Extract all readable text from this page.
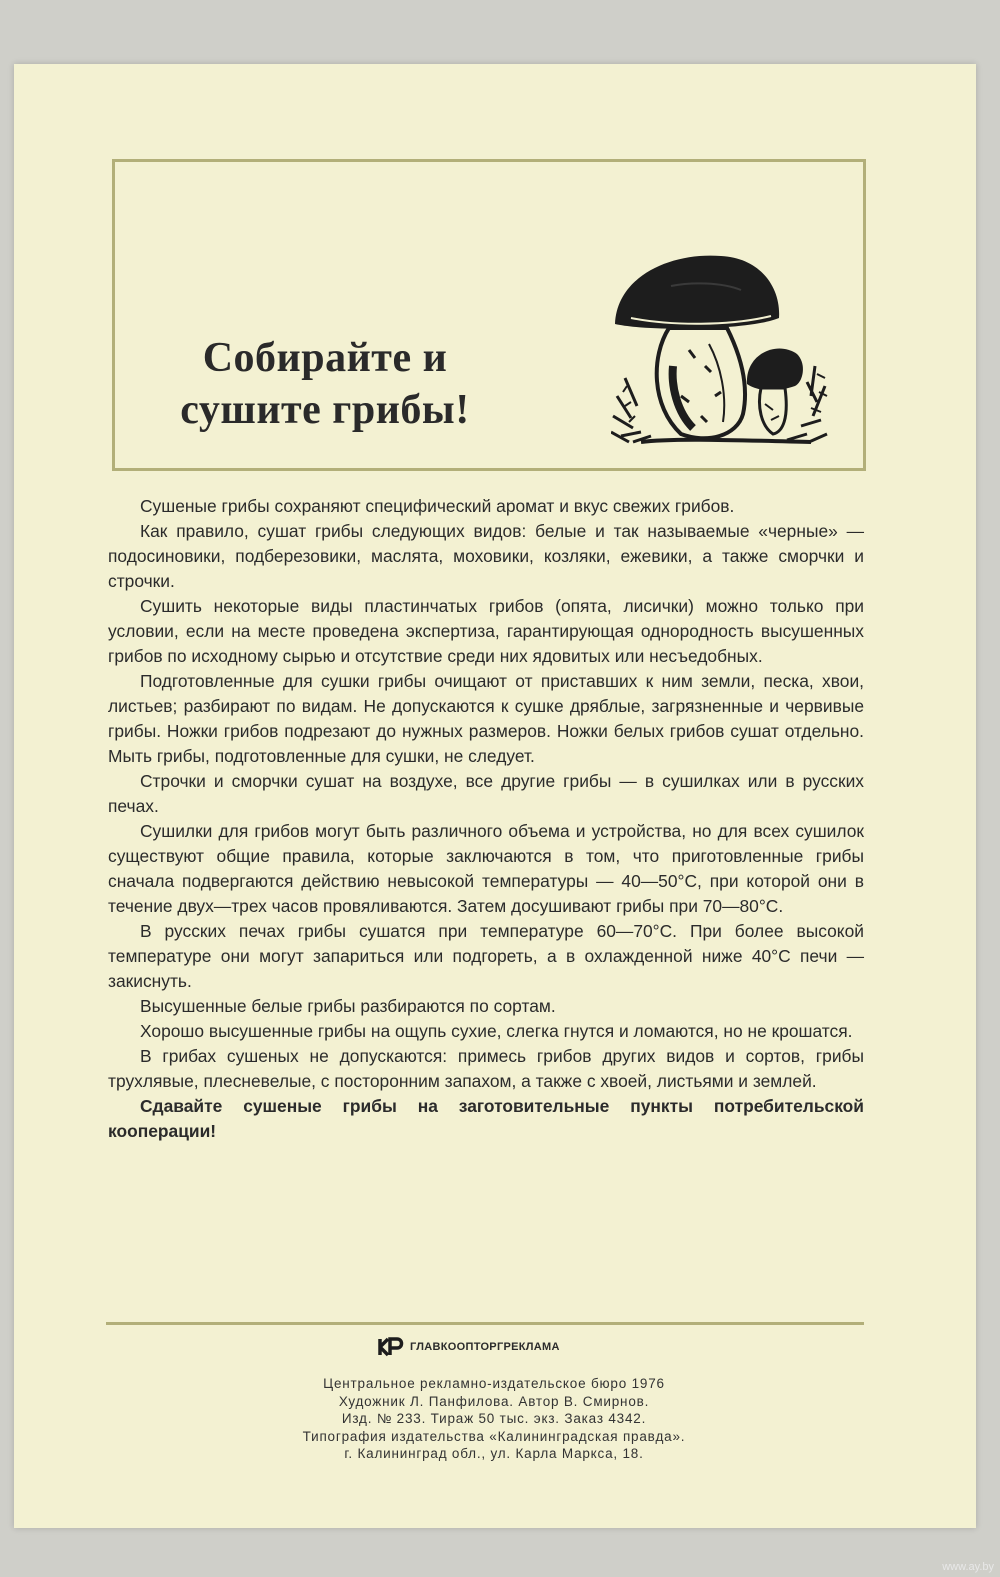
Собирайте и
сушите грибы!

Сушеные грибы сохраняют специфический аромат и вкус свежих грибов.

Как правило, сушат грибы следующих видов: белые и так называемые «черные» — подосиновики, подберезовики, маслята, моховики, козляки, ежевики, а также сморчки и строчки.

Сушить некоторые виды пластинчатых грибов (опята, лисички) можно только при условии, если на месте проведена экспертиза, гарантирующая однородность высушенных грибов по исходному сырью и отсутствие среди них ядовитых или несъедобных.

Подготовленные для сушки грибы очищают от приставших к ним земли, песка, хвои, листьев; разбирают по видам. Не допускаются к сушке дряблые, загрязненные и червивые грибы. Ножки грибов подрезают до нужных размеров. Ножки белых грибов сушат отдельно. Мыть грибы, подготовленные для сушки, не следует.

Строчки и сморчки сушат на воздухе, все другие грибы — в сушилках или в русских печах.

Сушилки для грибов могут быть различного объема и устройства, но для всех сушилок существуют общие правила, которые заключаются в том, что приготовленные грибы сначала подвергаются действию невысокой температуры — 40—50°С, при которой они в течение двух—трех часов провяливаются. Затем досушивают грибы при 70—80°С.

В русских печах грибы сушатся при температуре 60—70°С. При более высокой температуре они могут запариться или подгореть, а в охлажденной ниже 40°С печи — закиснуть.

Высушенные белые грибы разбираются по сортам.

Хорошо высушенные грибы на ощупь сухие, слегка гнутся и ломаются, но не крошатся.

В грибах сушеных не допускаются: примесь грибов других видов и сортов, грибы трухлявые, плесневелые, с посторонним запахом, а также с хвоей, листьями и землей.

Сдавайте сушеные грибы на заготовительные пункты потребительской кооперации!

ГЛАВКООПТОРГРЕКЛАМА
Центральное рекламно-издательское бюро 1976
Художник Л. Панфилова. Автор В. Смирнов.
Изд. № 233. Тираж 50 тыс. экз. Заказ 4342.
Типография издательства «Калининградская правда».
г. Калининград обл., ул. Карла Маркса, 18.
www.ay.by
